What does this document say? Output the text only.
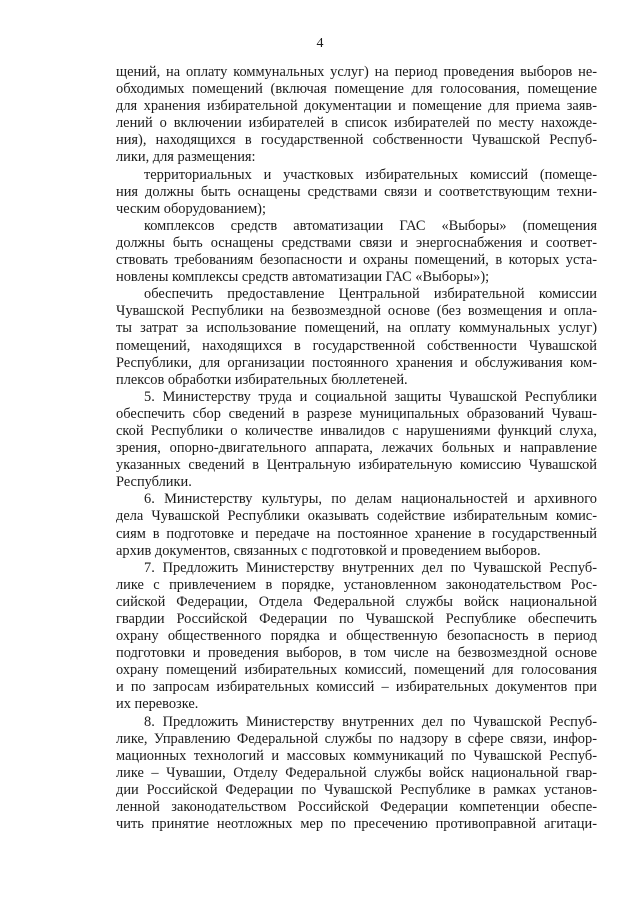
4
щений, на оплату коммунальных услуг) на период проведения выборов не-
обходимых помещений (включая помещение для голосования, помещение
для хранения избирательной документации и помещение для приема заяв-
лений о включении избирателей в список избирателей по месту нахожде-
ния), находящихся в государственной собственности Чувашской Респуб-
лики, для размещения:
территориальных и участковых избирательных комиссий (помеще-
ния должны быть оснащены средствами связи и соответствующим техни-
ческим оборудованием);
комплексов средств автоматизации ГАС «Выборы» (помещения
должны быть оснащены средствами связи и энергоснабжения и соответ-
ствовать требованиям безопасности и охраны помещений, в которых уста-
новлены комплексы средств автоматизации ГАС «Выборы»);
обеспечить предоставление Центральной избирательной комиссии
Чувашской Республики на безвозмездной основе (без возмещения и опла-
ты затрат за использование помещений, на оплату коммунальных услуг)
помещений, находящихся в государственной собственности Чувашской
Республики, для организации постоянного хранения и обслуживания ком-
плексов обработки избирательных бюллетеней.
5. Министерству труда и социальной защиты Чувашской Республики
обеспечить сбор сведений в разрезе муниципальных образований Чуваш-
ской Республики о количестве инвалидов с нарушениями функций слуха,
зрения, опорно-двигательного аппарата, лежачих больных и направление
указанных сведений в Центральную избирательную комиссию Чувашской
Республики.
6. Министерству культуры, по делам национальностей и архивного
дела Чувашской Республики оказывать содействие избирательным комис-
сиям в подготовке и передаче на постоянное хранение в государственный
архив документов, связанных с подготовкой и проведением выборов.
7. Предложить Министерству внутренних дел по Чувашской Респуб-
лике с привлечением в порядке, установленном законодательством Рос-
сийской Федерации, Отдела Федеральной службы войск национальной
гвардии Российской Федерации по Чувашской Республике обеспечить
охрану общественного порядка и общественную безопасность в период
подготовки и проведения выборов, в том числе на безвозмездной основе
охрану помещений избирательных комиссий, помещений для голосования
и по запросам избирательных комиссий – избирательных документов при
их перевозке.
8. Предложить Министерству внутренних дел по Чувашской Респуб-
лике, Управлению Федеральной службы по надзору в сфере связи, инфор-
мационных технологий и массовых коммуникаций по Чувашской Респуб-
лике – Чувашии, Отделу Федеральной службы войск национальной гвар-
дии Российской Федерации по Чувашской Республике в рамках установ-
ленной законодательством Российской Федерации компетенции обеспе-
чить принятие неотложных мер по пресечению противоправной агитаци-
